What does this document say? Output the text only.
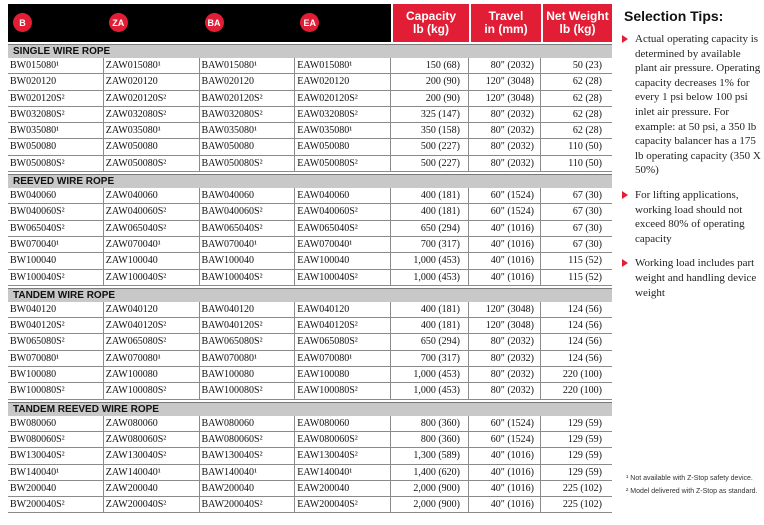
B	ZA	BA	EA	Capacity
lb (kg)
Travel
in (mm)
Net Weight
lb (kg)
SINGLE WIRE ROPE
BW015080¹	ZAW015080¹	BAW015080¹	EAW015080¹	150 (68)	80" (2032)	50 (23)
BW020120	ZAW020120	BAW020120	EAW020120	200 (90)	120" (3048)	62 (28)
BW020120S²	ZAW020120S²	BAW020120S²	EAW020120S²	200 (90)	120" (3048)	62 (28)
BW032080S²	ZAW032080S²	BAW032080S²	EAW032080S²	325 (147)	80" (2032)	62 (28)
BW035080¹	ZAW035080¹	BAW035080¹	EAW035080¹	350 (158)	80" (2032)	62 (28)
BW050080	ZAW050080	BAW050080	EAW050080	500 (227)	80" (2032)	110 (50)
BW050080S²	ZAW050080S²	BAW050080S²	EAW050080S²	500 (227)	80" (2032)	110 (50)
REEVED WIRE ROPE
BW040060	ZAW040060	BAW040060	EAW040060	400 (181)	60" (1524)	67 (30)
BW040060S²	ZAW040060S²	BAW040060S²	EAW040060S²	400 (181)	60" (1524)	67 (30)
BW065040S²	ZAW065040S²	BAW065040S²	EAW065040S²	650 (294)	40" (1016)	67 (30)
BW070040¹	ZAW070040¹	BAW070040¹	EAW070040¹	700 (317)	40" (1016)	67 (30)
BW100040	ZAW100040	BAW100040	EAW100040	1,000 (453)	40" (1016)	115 (52)
BW100040S²	ZAW100040S²	BAW100040S²	EAW100040S²	1,000 (453)	40" (1016)	115 (52)
TANDEM WIRE ROPE
BW040120	ZAW040120	BAW040120	EAW040120	400 (181)	120" (3048)	124 (56)
BW040120S²	ZAW040120S²	BAW040120S²	EAW040120S²	400 (181)	120" (3048)	124 (56)
BW065080S²	ZAW065080S²	BAW065080S²	EAW065080S²	650 (294)	80" (2032)	124 (56)
BW070080¹	ZAW070080¹	BAW070080¹	EAW070080¹	700 (317)	80" (2032)	124 (56)
BW100080	ZAW100080	BAW100080	EAW100080	1,000 (453)	80" (2032)	220 (100)
BW100080S²	ZAW100080S²	BAW100080S²	EAW100080S²	1,000 (453)	80" (2032)	220 (100)
TANDEM REEVED WIRE ROPE
BW080060	ZAW080060	BAW080060	EAW080060	800 (360)	60" (1524)	129 (59)
BW080060S²	ZAW080060S²	BAW080060S²	EAW080060S²	800 (360)	60" (1524)	129 (59)
BW130040S²	ZAW130040S²	BAW130040S²	EAW130040S²	1,300 (589)	40" (1016)	129 (59)
BW140040¹	ZAW140040¹	BAW140040¹	EAW140040¹	1,400 (620)	40" (1016)	129 (59)
BW200040	ZAW200040	BAW200040	EAW200040	2,000 (900)	40" (1016)	225 (102)
BW200040S²	ZAW200040S²	BAW200040S²	EAW200040S²	2,000 (900)	40" (1016)	225 (102)
Selection Tips:
Actual operating capacity is determined by available plant air pressure. Operating capacity decreases 1% for every 1 psi below 100 psi inlet air pressure. For example: at 50 psi, a 350 lb capacity balancer has a 175 lb operating capacity (350 X 50%)
For lifting applications, working load should not exceed 80% of operating capacity
Working load includes part weight and handling device weight
¹ Not available with Z-Stop safety device.
² Model delivered with Z-Stop as standard.
